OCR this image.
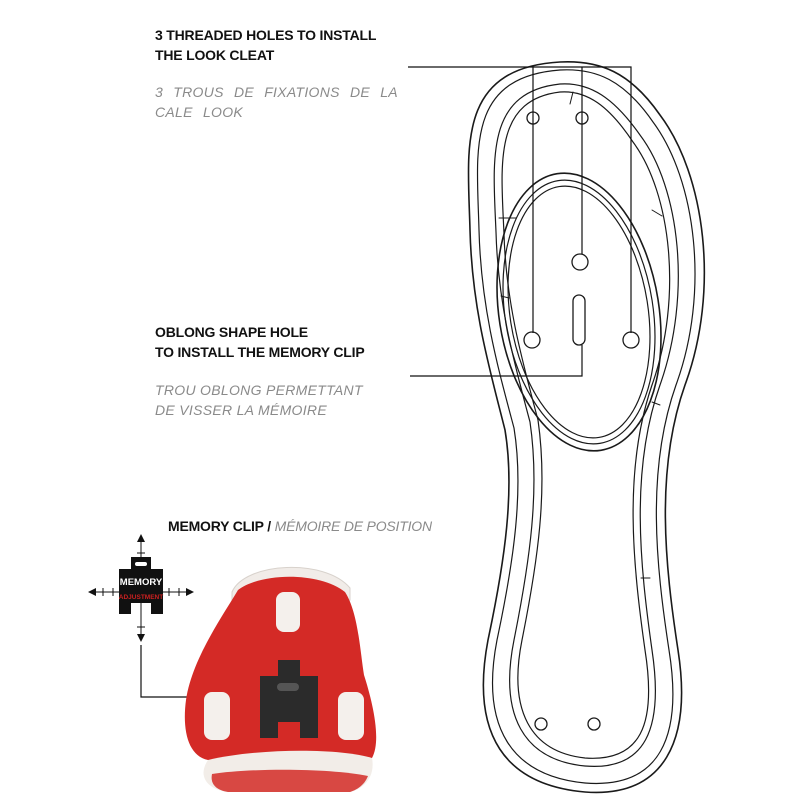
3 THREADED HOLES TO INSTALL
THE LOOK CLEAT
3 TROUS DE FIXATIONS DE LA
CALE LOOK
OBLONG SHAPE HOLE
TO INSTALL THE MEMORY CLIP
TROU OBLONG PERMETTANT
DE VISSER LA MÉMOIRE
MEMORY CLIP / MÉMOIRE DE POSITION
MEMORY
ADJUSTMENT
